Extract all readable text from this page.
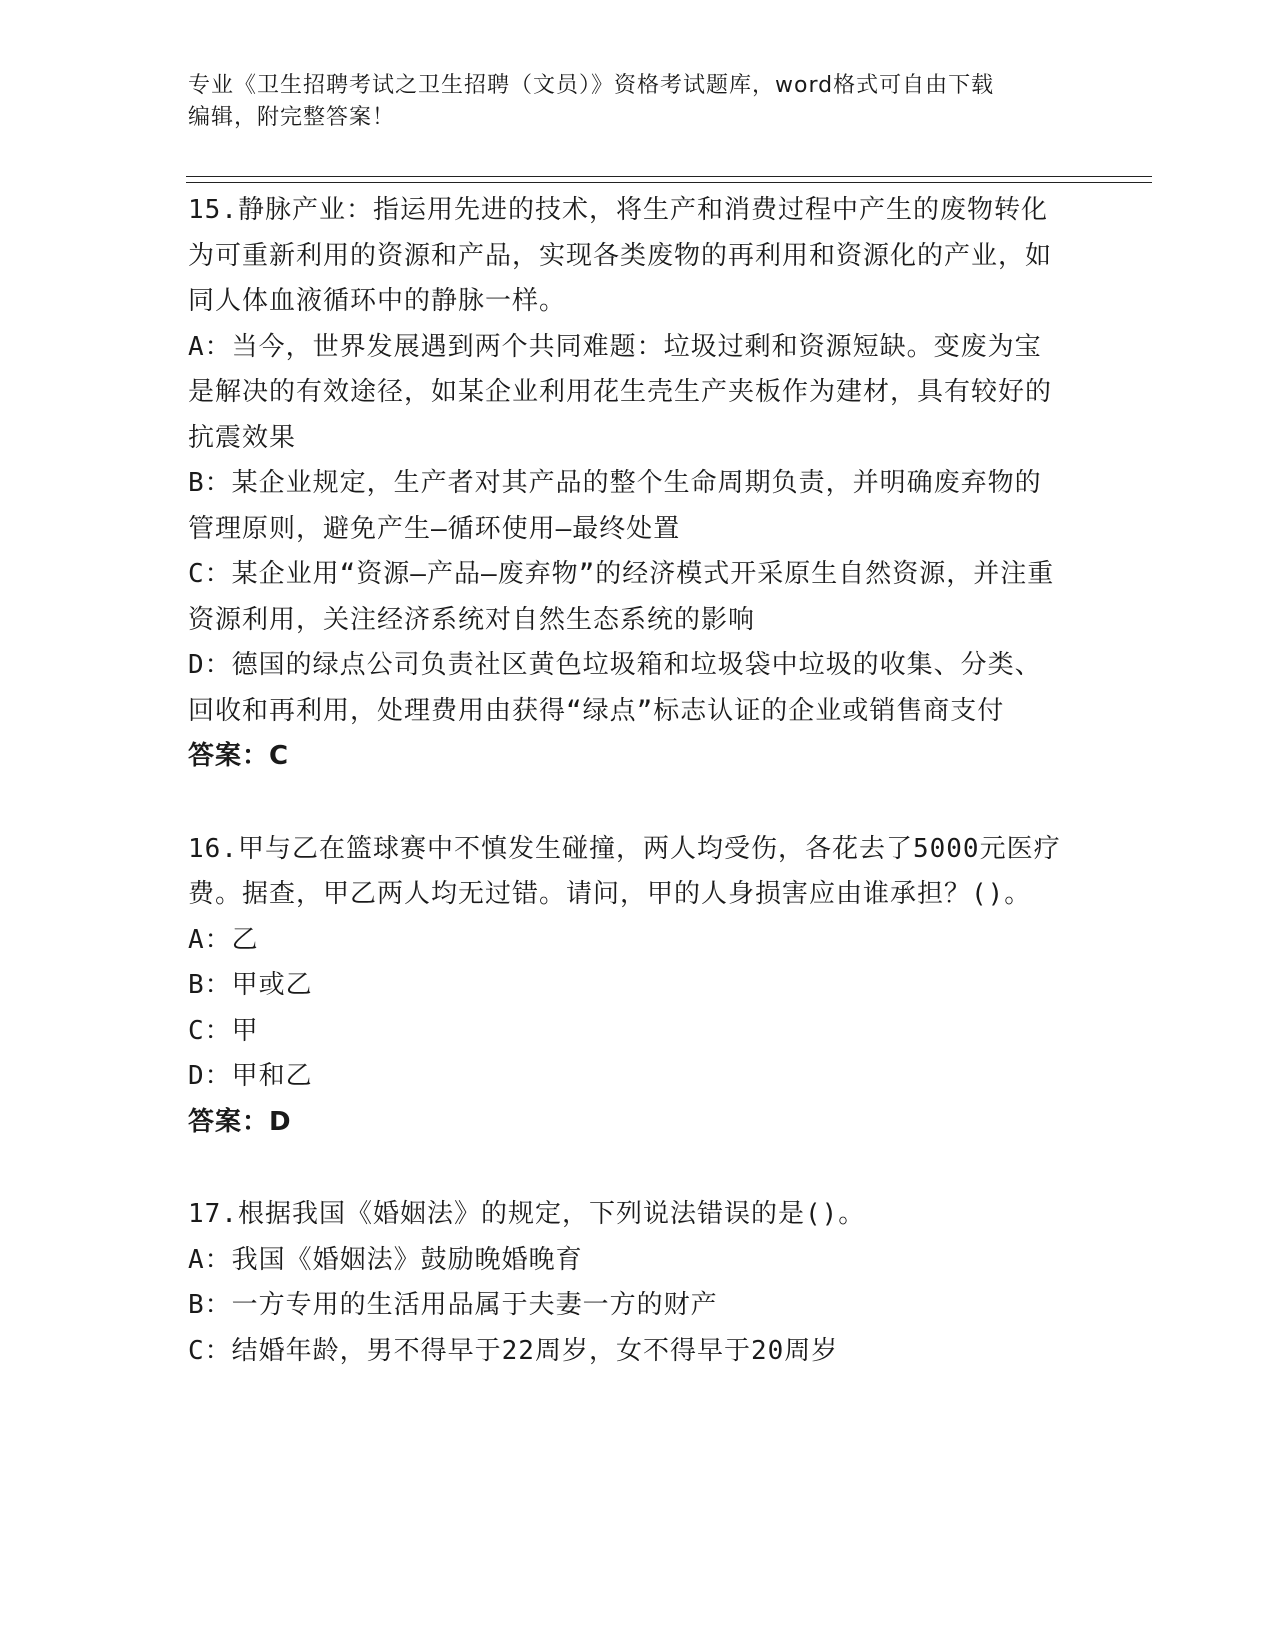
专业《卫生招聘考试之卫生招聘（文员）》资格考试题库，word格式可自由下载
编辑，附完整答案！

15.静脉产业：指运用先进的技术，将生产和消费过程中产生的废物转化为可重新利用的资源和产品，实现各类废物的再利用和资源化的产业，如同人体血液循环中的静脉一样。

A：当今，世界发展遇到两个共同难题：垃圾过剩和资源短缺。变废为宝是解决的有效途径，如某企业利用花生壳生产夹板作为建材，具有较好的抗震效果

B：某企业规定，生产者对其产品的整个生命周期负责，并明确废弃物的管理原则，避免产生—循环使用—最终处置

C：某企业用“资源—产品—废弃物”的经济模式开采原生自然资源，并注重资源利用，关注经济系统对自然生态系统的影响

D：德国的绿点公司负责社区黄色垃圾箱和垃圾袋中垃圾的收集、分类、回收和再利用，处理费用由获得“绿点”标志认证的企业或销售商支付

答案：C

16.甲与乙在篮球赛中不慎发生碰撞，两人均受伤，各花去了5000元医疗费。据查，甲乙两人均无过错。请问，甲的人身损害应由谁承担？()。

A：乙

B：甲或乙

C：甲

D：甲和乙

答案：D

17.根据我国《婚姻法》的规定，下列说法错误的是()。

A：我国《婚姻法》鼓励晚婚晚育

B：一方专用的生活用品属于夫妻一方的财产

C：结婚年龄，男不得早于22周岁，女不得早于20周岁
